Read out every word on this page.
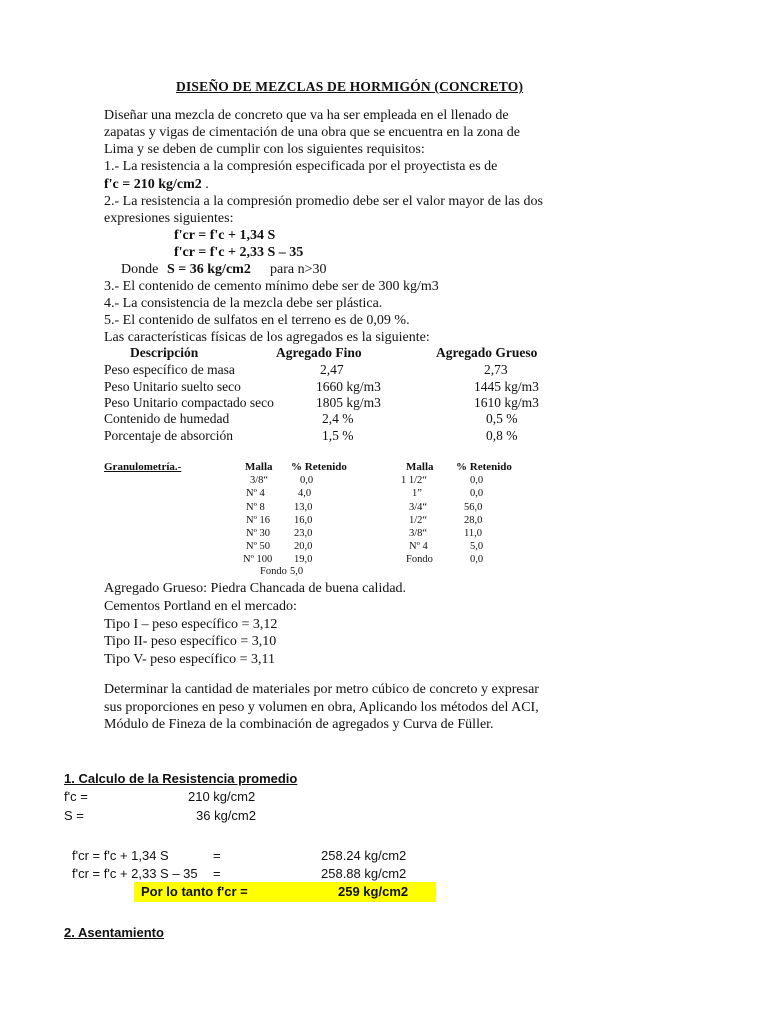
DISEÑO DE MEZCLAS DE HORMIGÓN (CONCRETO)
Diseñar una mezcla de concreto que va ha ser empleada en el llenado de
zapatas y vigas de cimentación de una obra que se encuentra en la zona de
Lima y se deben de cumplir con los siguientes requisitos:
1.- La resistencia a la compresión especificada por el proyectista es de
f'c = 210 kg/cm2 .
2.- La resistencia a la compresión promedio debe ser el valor mayor de las dos
expresiones siguientes:
f'cr = f'c + 1,34 S
f'cr = f'c + 2,33 S – 35
Donde S = 36 kg/cm2 para n>30
3.- El contenido de cemento mínimo debe ser de 300 kg/m3
4.- La consistencia de la mezcla debe ser plástica.
5.- El contenido de sulfatos en el terreno es de 0,09 %.
Las características físicas de los agregados es la siguiente:
Descripción	Agregado Fino	Agregado Grueso
Peso específico de masa	2,47	2,73
Peso Unitario suelto seco	1660 kg/m3	1445 kg/m3
Peso Unitario compactado seco	1805 kg/m3	1610 kg/m3
Contenido de humedad	2,4 %	0,5 %
Porcentaje de absorción	1,5 %	0,8 %
Granulometría.-	Malla % Retenido	Malla % Retenido
3/8“	0,0
Nº 4	4,0
Nº 8	13,0
Nº 16 16,0
Nº 30 23,0
Nº 50 20,0
Nº 100 19,0
Fondo 5,0
1 1/2“	0,0
1”	0,0
3/4“	56,0
1/2“	28,0
3/8“	11,0
Nº 4	5,0
Fondo	0,0
Agregado Grueso: Piedra Chancada de buena calidad.
Cementos Portland en el mercado:
Tipo I – peso específico = 3,12
Tipo II- peso específico = 3,10
Tipo V- peso específico = 3,11
Determinar la cantidad de materiales por metro cúbico de concreto y expresar
sus proporciones en peso y volumen en obra, Aplicando los métodos del ACI,
Módulo de Fineza de la combinación de agregados y Curva de Füller.
1. Calculo de la Resistencia promedio
f'c =	210 kg/cm2
S =	36 kg/cm2
f'cr = f'c + 1,34 S	=	258.24 kg/cm2
f'cr = f'c + 2,33 S – 35 =	258.88 kg/cm2
Por lo tanto f'cr =	259 kg/cm2
2. Asentamiento
